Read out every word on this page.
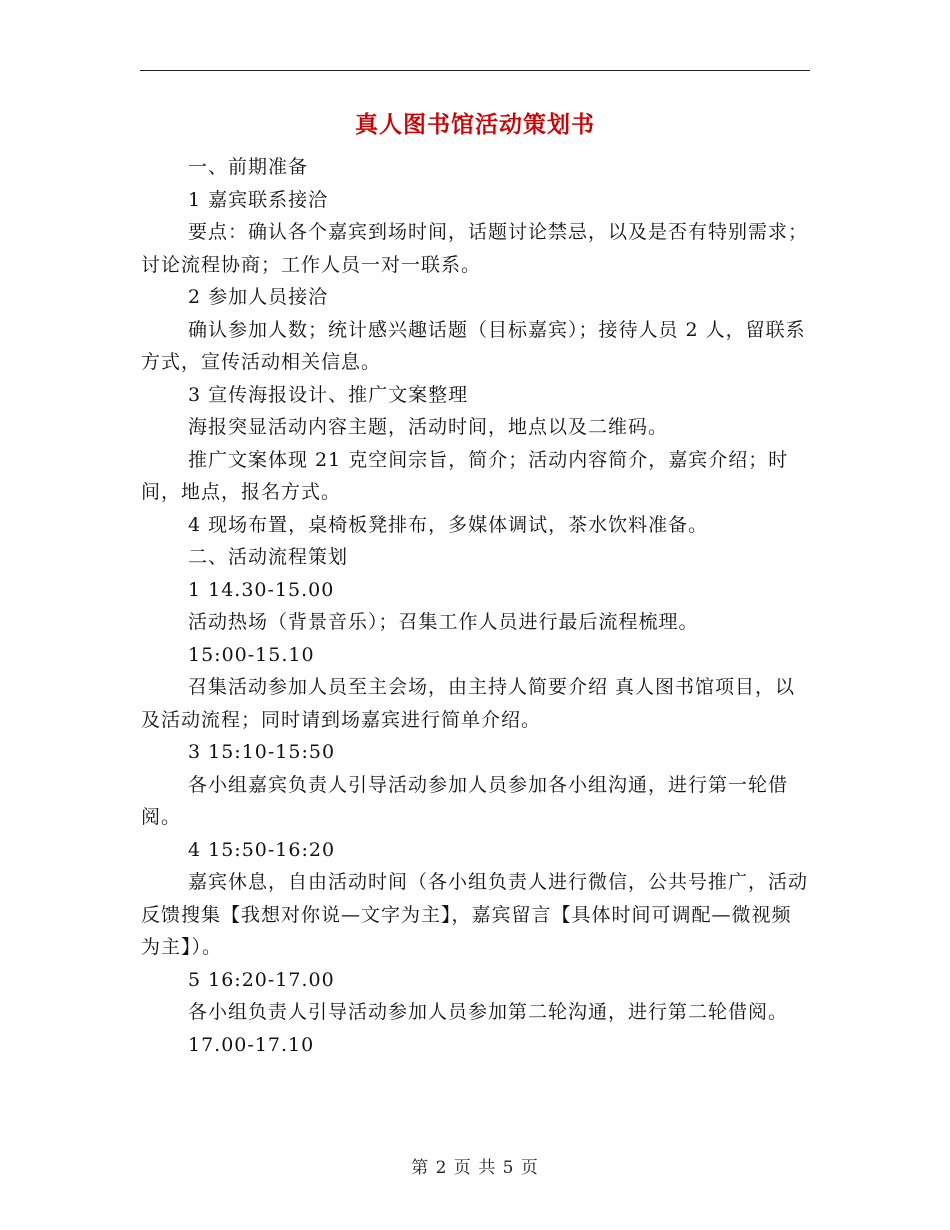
真人图书馆活动策划书

一、前期准备

1 嘉宾联系接洽

要点：确认各个嘉宾到场时间，话题讨论禁忌，以及是否有特别需求；讨论流程协商；工作人员一对一联系。

2 参加人员接洽

确认参加人数；统计感兴趣话题（目标嘉宾）；接待人员 2 人，留联系方式，宣传活动相关信息。

3 宣传海报设计、推广文案整理

海报突显活动内容主题，活动时间，地点以及二维码。

推广文案体现 21 克空间宗旨，简介；活动内容简介，嘉宾介绍；时间，地点，报名方式。

4 现场布置，桌椅板凳排布，多媒体调试，茶水饮料准备。

二、活动流程策划

1 14.30-15.00

活动热场（背景音乐）；召集工作人员进行最后流程梳理。

15:00-15.10

召集活动参加人员至主会场，由主持人简要介绍 真人图书馆项目，以及活动流程；同时请到场嘉宾进行简单介绍。

3 15:10-15:50

各小组嘉宾负责人引导活动参加人员参加各小组沟通，进行第一轮借阅。

4 15:50-16:20

嘉宾休息，自由活动时间（各小组负责人进行微信，公共号推广，活动反馈搜集【我想对你说—文字为主】，嘉宾留言【具体时间可调配—微视频为主】）。

5 16:20-17.00

各小组负责人引导活动参加人员参加第二轮沟通，进行第二轮借阅。

17.00-17.10

第 2 页 共 5 页
